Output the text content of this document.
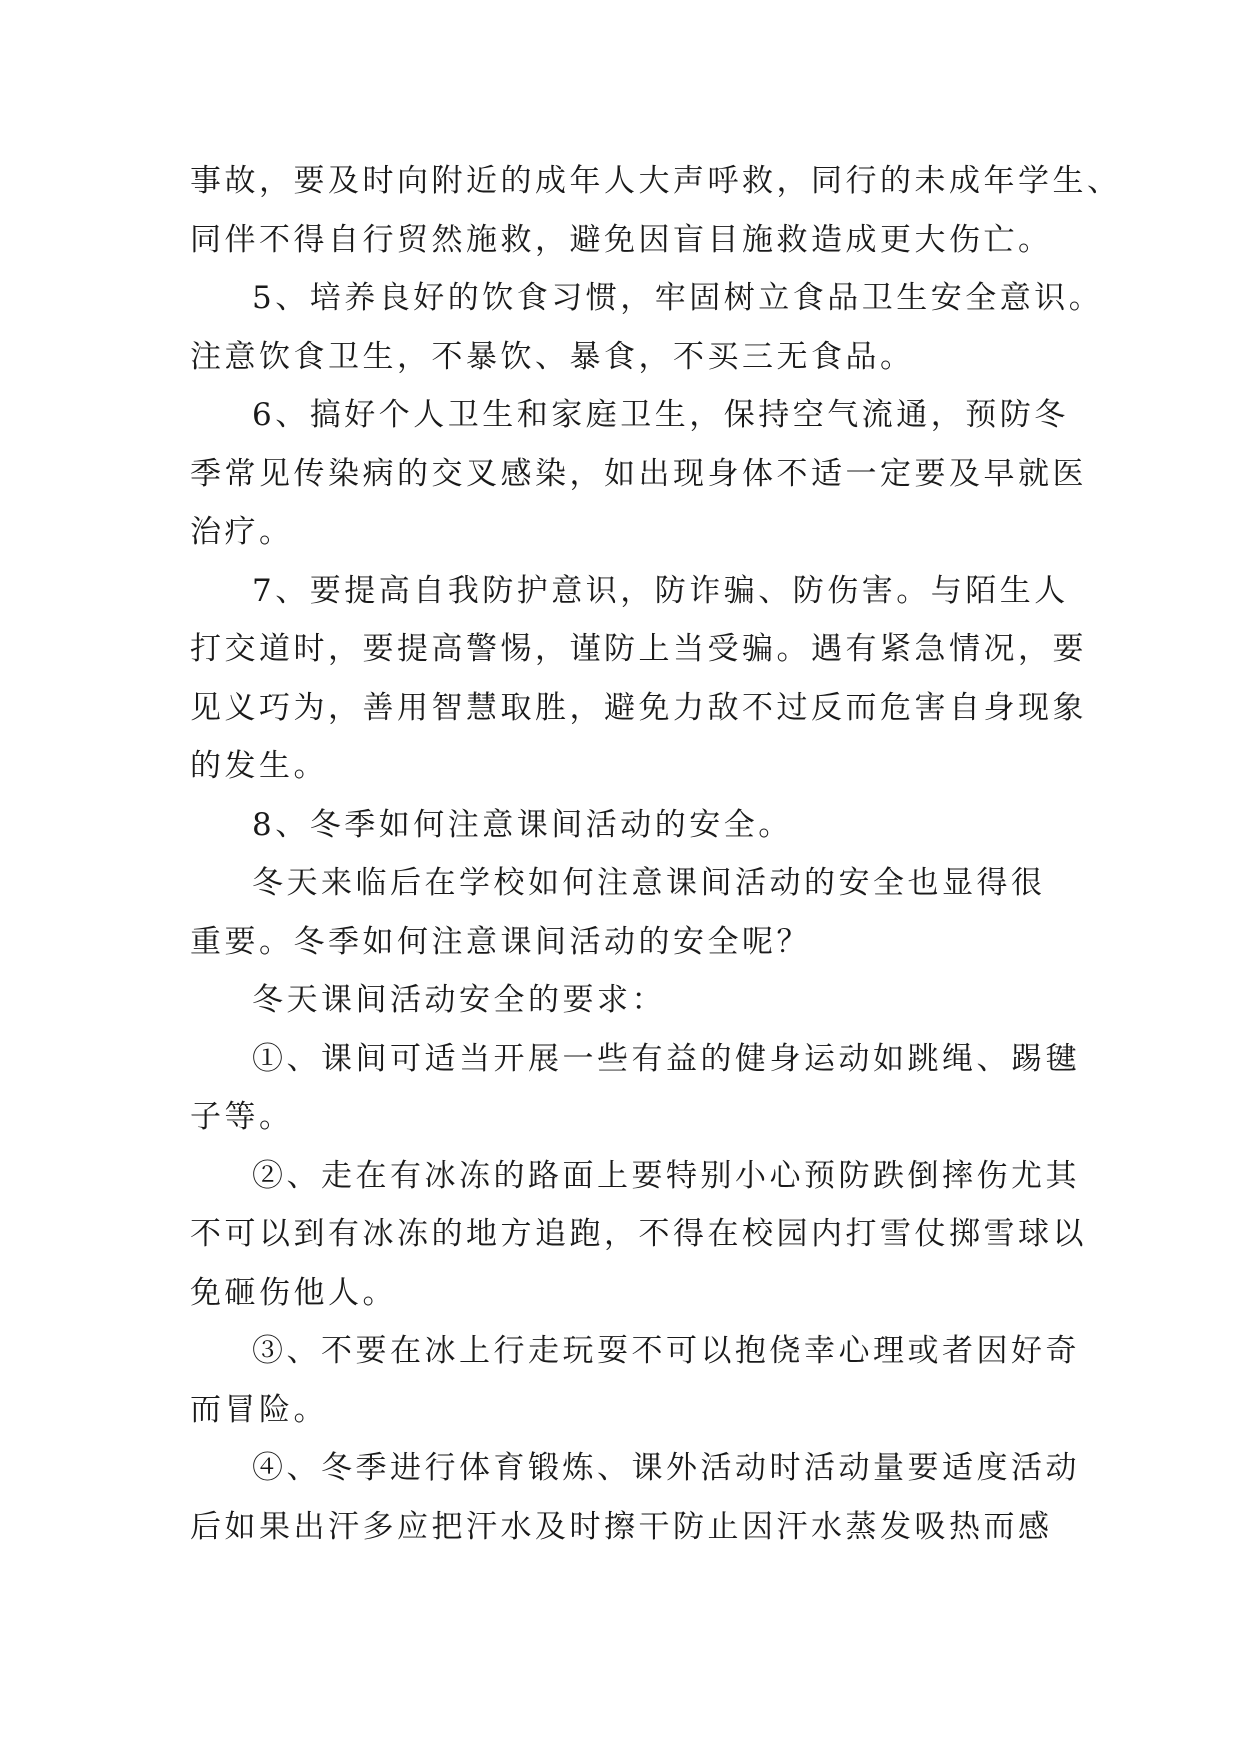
事故，要及时向附近的成年人大声呼救，同行的未成年学生、
同伴不得自行贸然施救，避免因盲目施救造成更大伤亡。
5、培养良好的饮食习惯，牢固树立食品卫生安全意识。
注意饮食卫生，不暴饮、暴食，不买三无食品。
6、搞好个人卫生和家庭卫生，保持空气流通，预防冬
季常见传染病的交叉感染，如出现身体不适一定要及早就医
治疗。
7、要提高自我防护意识，防诈骗、防伤害。与陌生人
打交道时，要提高警惕，谨防上当受骗。遇有紧急情况，要
见义巧为，善用智慧取胜，避免力敌不过反而危害自身现象
的发生。
8、冬季如何注意课间活动的安全。
冬天来临后在学校如何注意课间活动的安全也显得很
重要。冬季如何注意课间活动的安全呢？
冬天课间活动安全的要求：
①、课间可适当开展一些有益的健身运动如跳绳、踢毽
子等。
②、走在有冰冻的路面上要特别小心预防跌倒摔伤尤其
不可以到有冰冻的地方追跑，不得在校园内打雪仗掷雪球以
免砸伤他人。
③、不要在冰上行走玩耍不可以抱侥幸心理或者因好奇
而冒险。
④、冬季进行体育锻炼、课外活动时活动量要适度活动
后如果出汗多应把汗水及时擦干防止因汗水蒸发吸热而感
